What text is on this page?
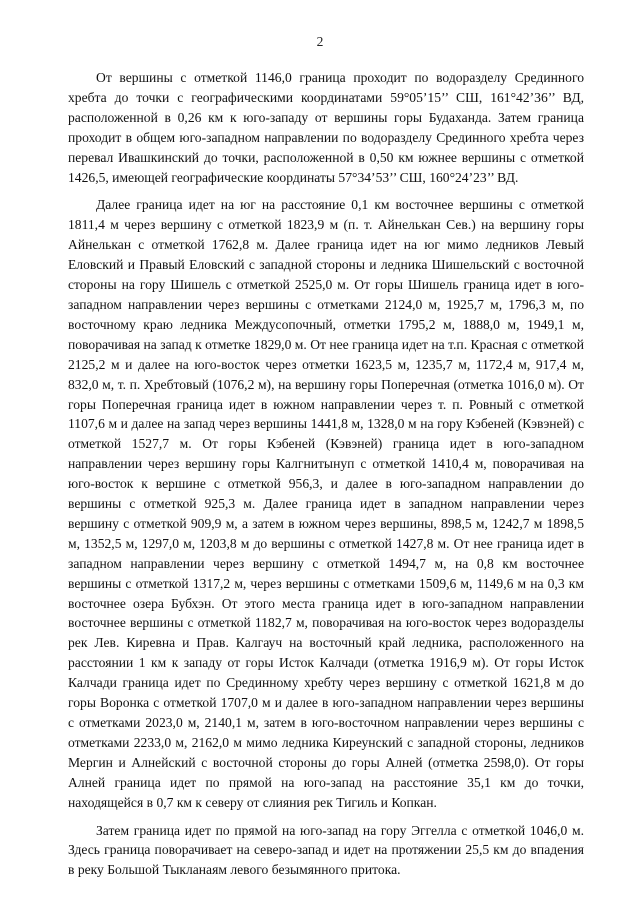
2

От вершины с отметкой 1146,0 граница проходит по водоразделу Срединного хребта до точки с географическими координатами 59°05’15’’ СШ, 161°42’36’’ ВД, расположенной в 0,26 км к юго-западу от вершины горы Будаханда. Затем граница проходит в общем юго-западном направлении по водоразделу Срединного хребта через перевал Ивашкинский до точки, расположенной в 0,50 км южнее вершины с отметкой 1426,5, имеющей географические координаты 57°34’53’’ СШ, 160°24’23’’ ВД.

Далее граница идет на юг на расстояние 0,1 км восточнее вершины с отметкой 1811,4 м через вершину с отметкой 1823,9 м (п. т. Айнелькан Сев.) на вершину горы Айнелькан с отметкой 1762,8 м. Далее граница идет на юг мимо ледников Левый Еловский и Правый Еловский с западной стороны и ледника Шишельский с восточной стороны на гору Шишель с отметкой 2525,0 м. От горы Шишель граница идет в юго-западном направлении через вершины с отметками 2124,0 м, 1925,7 м, 1796,3 м, по восточному краю ледника Междусопочный, отметки 1795,2 м, 1888,0 м, 1949,1 м, поворачивая на запад к отметке 1829,0 м. От нее граница идет на т.п. Красная с отметкой 2125,2 м и далее на юго-восток через отметки 1623,5 м, 1235,7 м, 1172,4 м, 917,4 м, 832,0 м, т. п. Хребтовый (1076,2 м), на вершину горы Поперечная (отметка 1016,0 м). От горы Поперечная граница идет в южном направлении через т. п. Ровный с отметкой 1107,6 м и далее на запад через вершины 1441,8 м, 1328,0 м на гору Кэбеней (Кэвэней) с отметкой 1527,7 м. От горы Кэбеней (Кэвэней) граница идет в юго-западном направлении через вершину горы Калгнитынуп с отметкой 1410,4 м, поворачивая на юго-восток к вершине с отметкой 956,3, и далее в юго-западном направлении до вершины с отметкой 925,3 м. Далее граница идет в западном направлении через вершину с отметкой 909,9 м, а затем в южном через вершины, 898,5 м, 1242,7 м 1898,5 м, 1352,5 м, 1297,0 м, 1203,8 м до вершины с отметкой 1427,8 м. От нее граница идет в западном направлении через вершину с отметкой 1494,7 м, на 0,8 км восточнее вершины с отметкой 1317,2 м, через вершины с отметками 1509,6 м, 1149,6 м на 0,3 км восточнее озера Бубхэн. От этого места граница идет в юго-западном направлении восточнее вершины с отметкой 1182,7 м, поворачивая на юго-восток через водоразделы рек Лев. Киревна и Прав. Калгауч на восточный край ледника, расположенного на расстоянии 1 км к западу от горы Исток Калчади (отметка 1916,9 м). От горы Исток Калчади граница идет по Срединному хребту через вершину с отметкой 1621,8 м до горы Воронка с отметкой 1707,0 м и далее в юго-западном направлении через вершины с отметками 2023,0 м, 2140,1 м, затем в юго-восточном направлении через вершины с отметками 2233,0 м, 2162,0 м мимо ледника Киреунский с западной стороны, ледников Мергин и Алнейский с восточной стороны до горы Алней (отметка 2598,0). От горы Алней граница идет по прямой на юго-запад на расстояние 35,1 км до точки, находящейся в 0,7 км к северу от слияния рек Тигиль и Копкан.

Затем граница идет по прямой на юго-запад на гору Эггелла с отметкой 1046,0 м. Здесь граница поворачивает на северо-запад и идет на протяжении 25,5 км до впадения в реку Большой Тыкланаям левого безымянного притока.
